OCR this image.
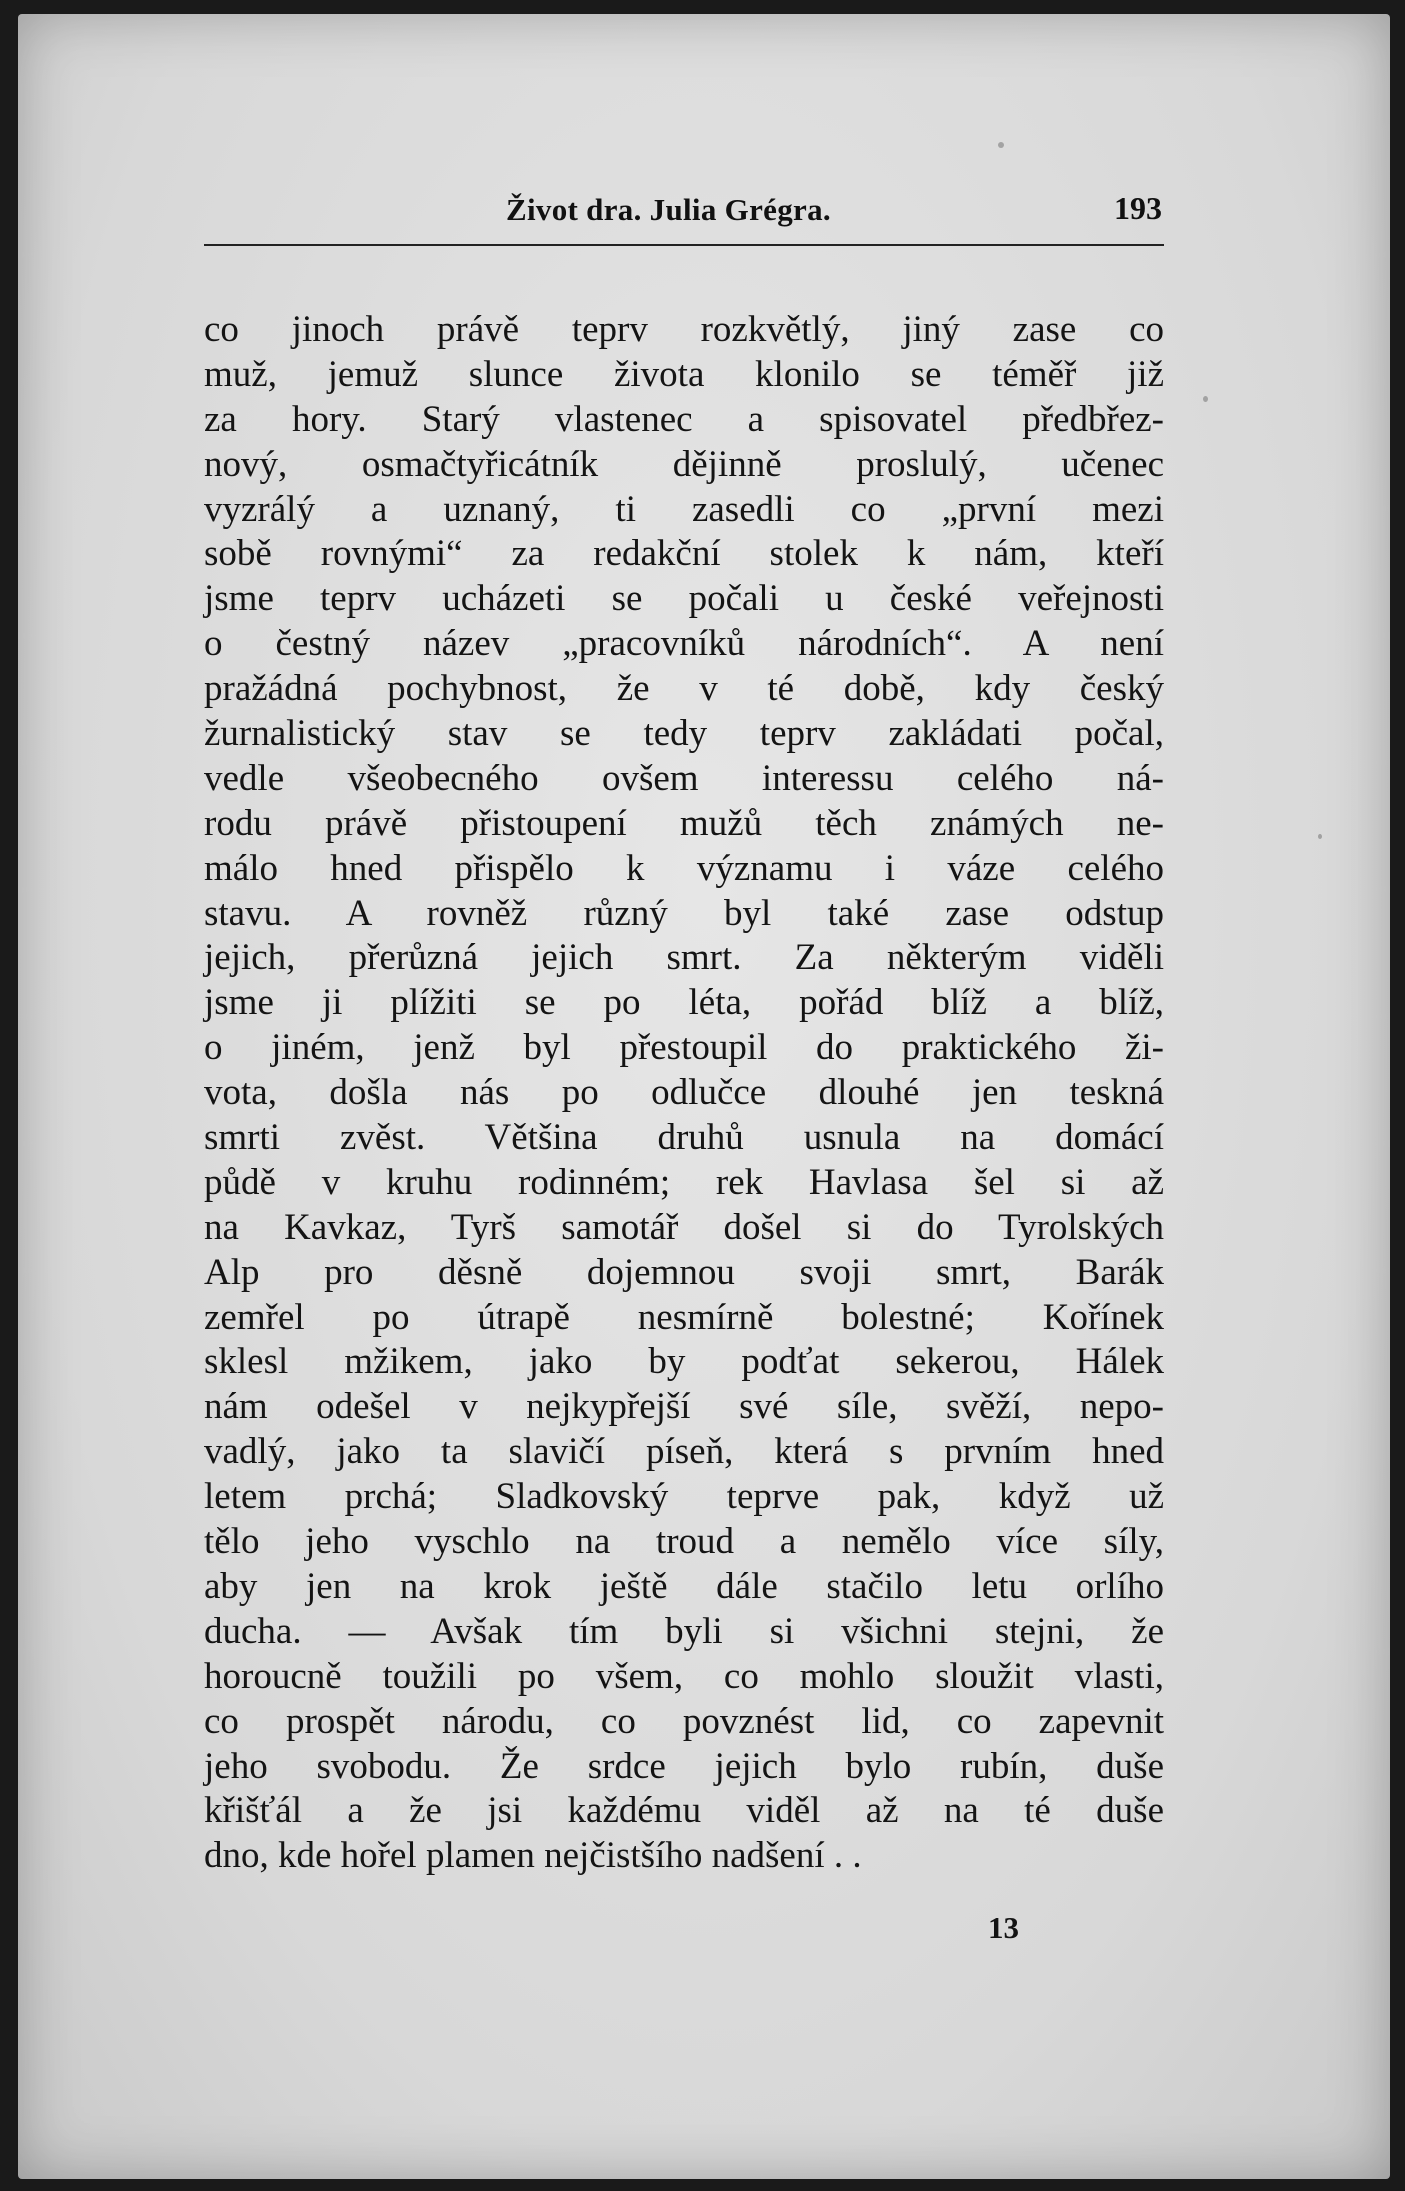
Život dra. Julia Grégra.	193
co jinoch právě teprv rozkvětlý, jiný zase co
muž, jemuž slunce života klonilo se téměř již
za hory. Starý vlastenec a spisovatel předbřez-
nový, osmačtyřicátník dějinně proslulý, učenec
vyzrálý a uznaný, ti zasedli co „první mezi
sobě rovnými“ za redakční stolek k nám, kteří
jsme teprv ucházeti se počali u české veřejnosti
o čestný název „pracovníků národních“. A není
pražádná pochybnost, že v té době, kdy český
žurnalistický stav se tedy teprv zakládati počal,
vedle všeobecného ovšem interessu celého ná-
rodu právě přistoupení mužů těch známých ne-
málo hned přispělo k významu i váze celého
stavu. A rovněž různý byl také zase odstup
jejich, přerůzná jejich smrt. Za některým viděli
jsme ji plížiti se po léta, pořád blíž a blíž,
o jiném, jenž byl přestoupil do praktického ži-
vota, došla nás po odlučce dlouhé jen teskná
smrti zvěst. Většina druhů usnula na domácí
půdě v kruhu rodinném; rek Havlasa šel si až
na Kavkaz, Tyrš samotář došel si do Tyrolských
Alp pro děsně dojemnou svoji smrt, Barák
zemřel po útrapě nesmírně bolestné; Kořínek
sklesl mžikem, jako by podťat sekerou, Hálek
nám odešel v nejkypřejší své síle, svěží, nepo-
vadlý, jako ta slavičí píseň, která s prvním hned
letem prchá; Sladkovský teprve pak, když už
tělo jeho vyschlo na troud a nemělo více síly,
aby jen na krok ještě dále stačilo letu orlího
ducha. — Avšak tím byli si všichni stejni, že
horoucně toužili po všem, co mohlo sloužit vlasti,
co prospět národu, co povznést lid, co zapevnit
jeho svobodu. Že srdce jejich bylo rubín, duše
křišťál a že jsi každému viděl až na té duše
dno, kde hořel plamen nejčistšího nadšení . .
13
